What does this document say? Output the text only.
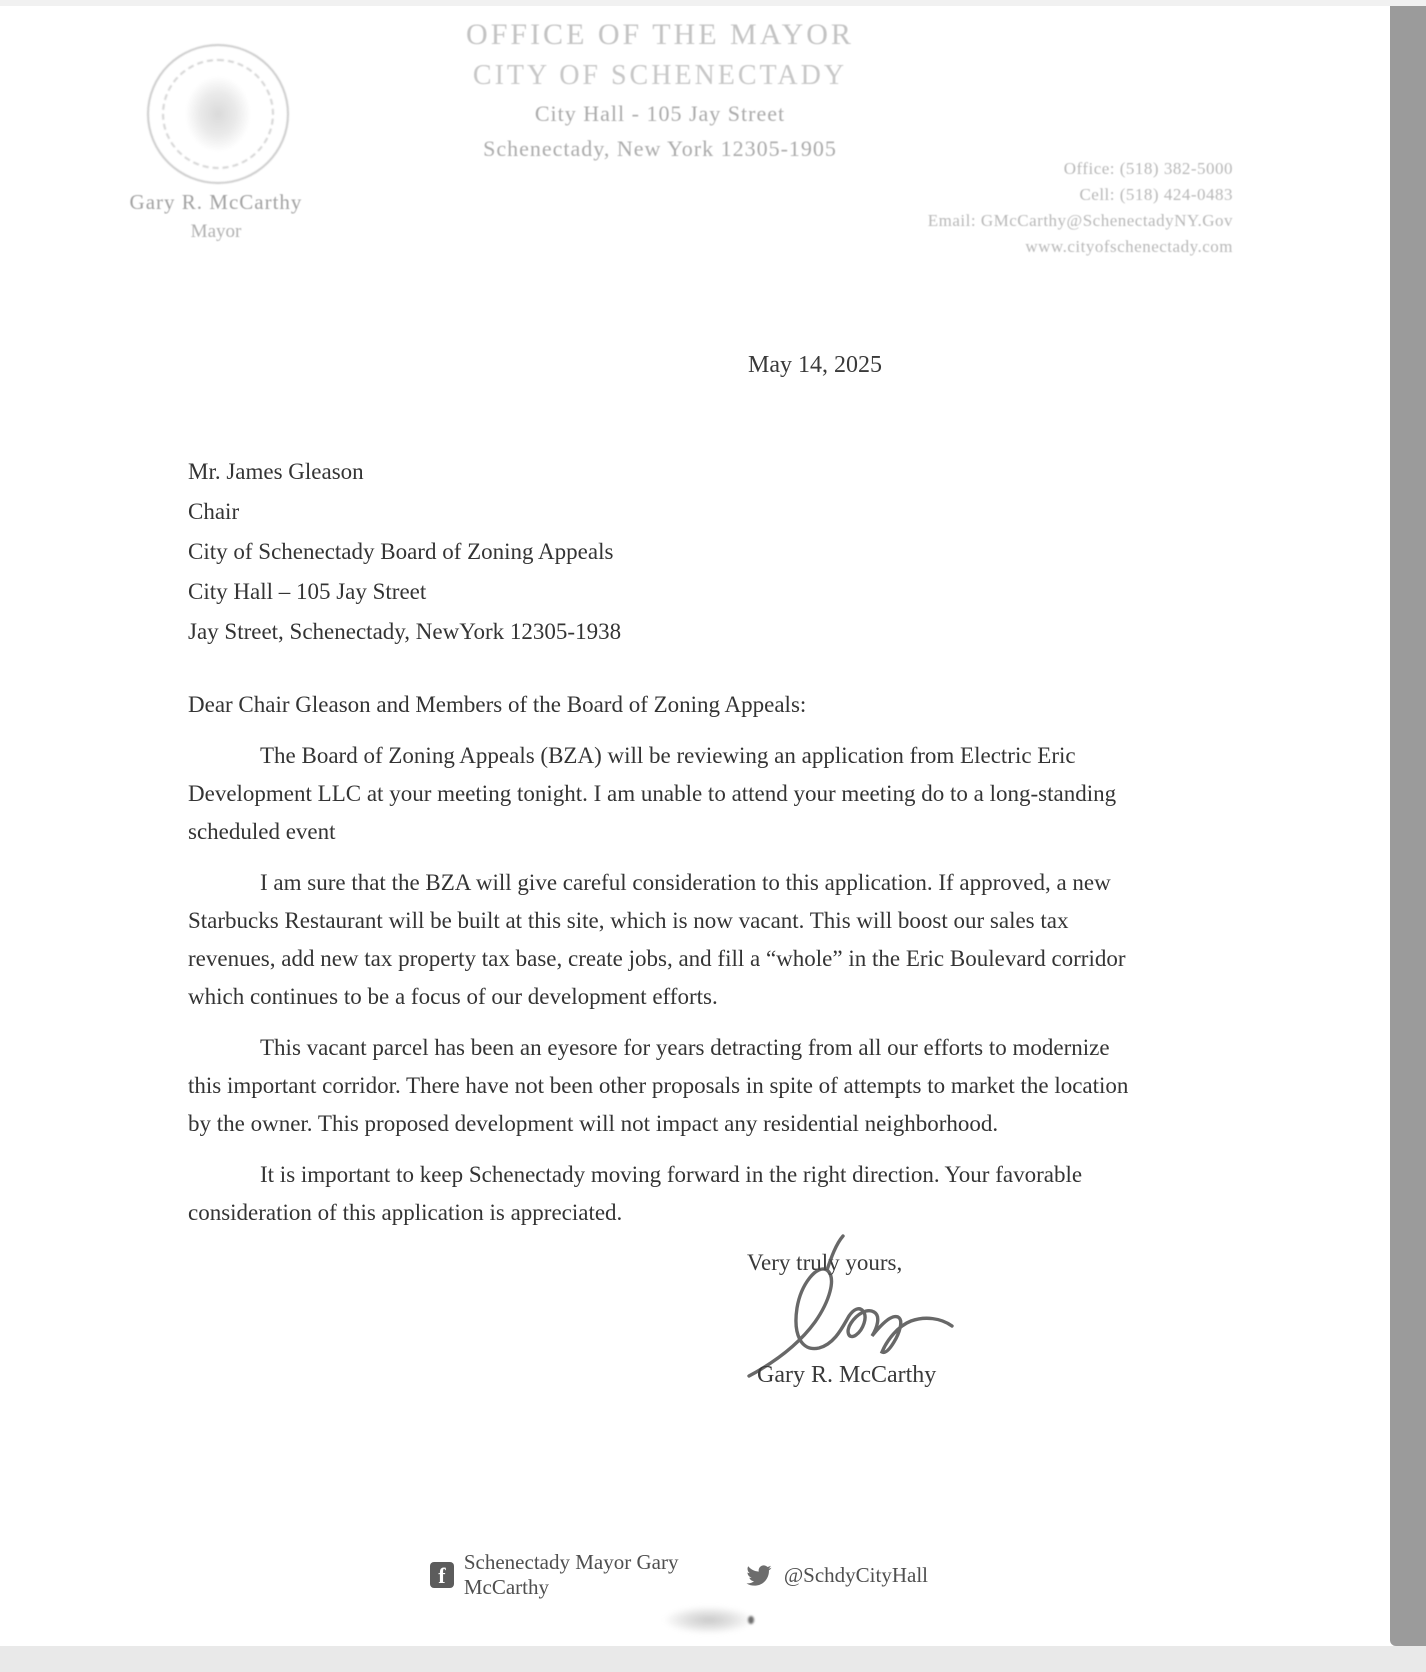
OFFICE OF THE MAYOR
CITY OF SCHENECTADY
City Hall - 105 Jay Street
Schenectady, New York 12305-1905
Gary R. McCarthy
Mayor
Office: (518) 382-5000
Cell: (518) 424-0483
Email: GMcCarthy@SchenectadyNY.Gov
www.cityofschenectady.com
May 14, 2025
Mr. James Gleason
Chair
City of Schenectady Board of Zoning Appeals
City Hall – 105 Jay Street
Jay Street, Schenectady, NewYork 12305-1938
Dear Chair Gleason and Members of the Board of Zoning Appeals:
The Board of Zoning Appeals (BZA) will be reviewing an application from Electric Eric Development LLC at your meeting tonight. I am unable to attend your meeting do to a long-standing scheduled event
I am sure that the BZA will give careful consideration to this application. If approved, a new Starbucks Restaurant will be built at this site, which is now vacant. This will boost our sales tax revenues, add new tax property tax base, create jobs, and fill a “whole” in the Eric Boulevard corridor which continues to be a focus of our development efforts.
This vacant parcel has been an eyesore for years detracting from all our efforts to modernize this important corridor. There have not been other proposals in spite of attempts to market the location by the owner. This proposed development will not impact any residential neighborhood.
It is important to keep Schenectady moving forward in the right direction. Your favorable consideration of this application is appreciated.
Very truly yours,
Gary R. McCarthy
f
Schenectady Mayor Gary McCarthy
@SchdyCityHall
